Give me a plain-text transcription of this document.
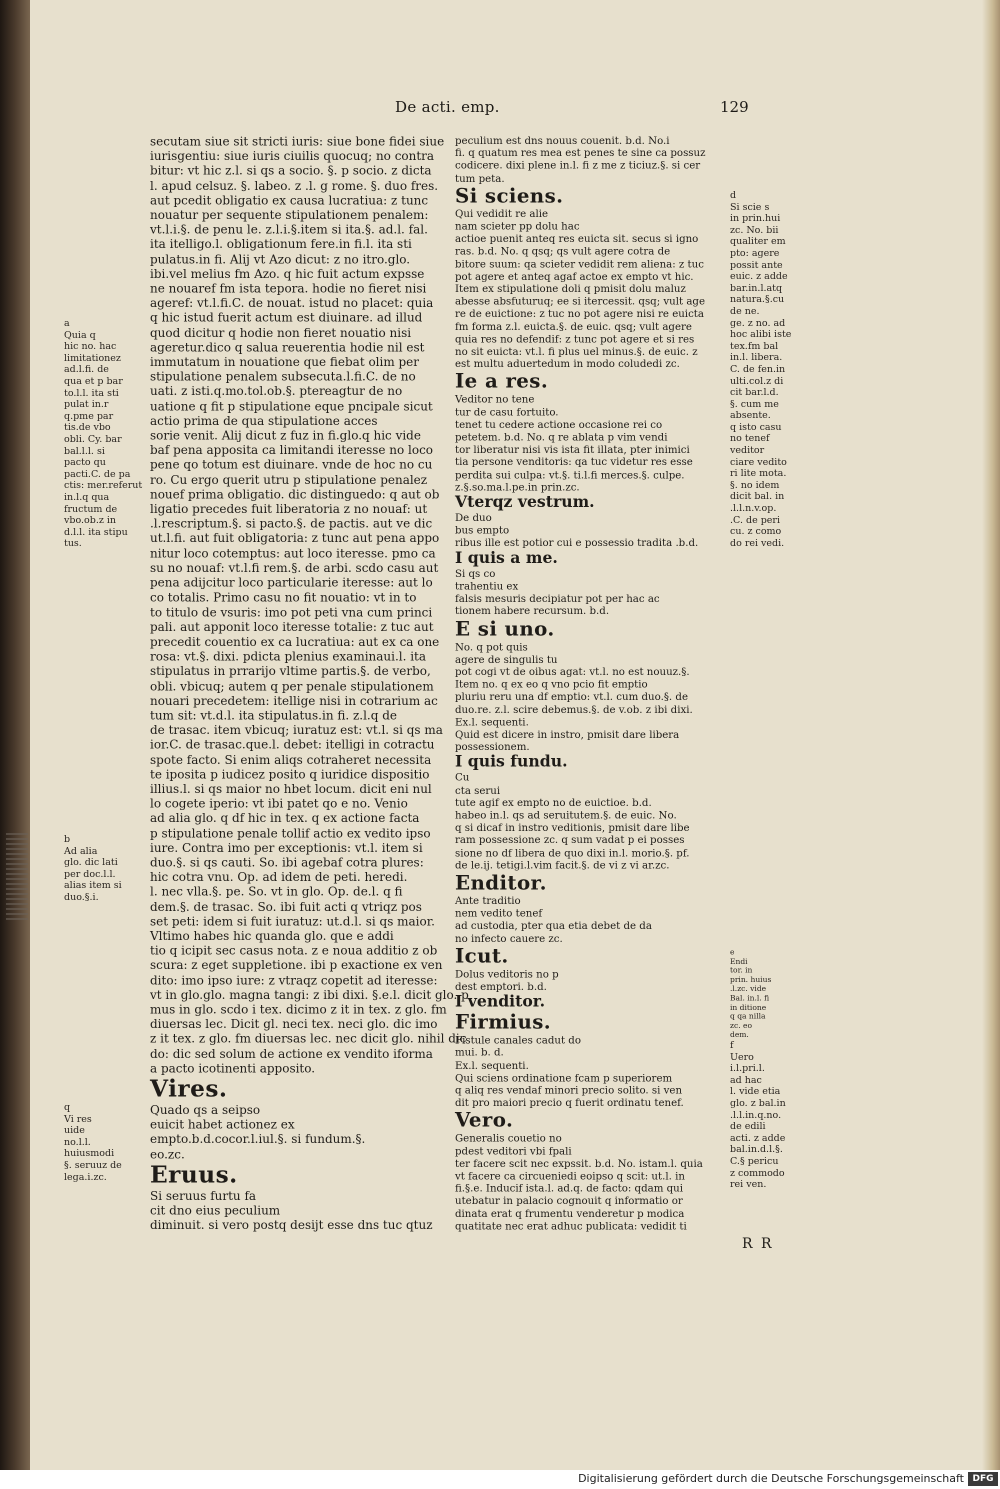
De acti. emp.	129

secutam siue sit stricti iuris: siue bone fidei siue

iurisgentiu: siue iuris ciuilis quocuq; no contra

bitur: vt hic z.l. si qs a socio. §. p socio. z dicta

l. apud celsuz. §. labeo. z .l. g rome. §. duo fres.

aut pcedit obligatio ex causa lucratiua: z tunc

nouatur per sequente stipulationem penalem:

vt.l.i.§. de penu le. z.l.i.§.item si ita.§. ad.l. fal.

ita itelligo.l. obligationum fere.in fi.l. ita sti

pulatus.in fi. Alij vt Azo dicut: z no itro.glo.

ibi.vel melius fm Azo. q hic fuit actum expsse

ne nouaref fm ista tepora. hodie no fieret nisi

ageref: vt.l.fi.C. de nouat. istud no placet: quia

q hic istud fuerit actum est diuinare. ad illud

quod dicitur q hodie non fieret nouatio nisi

ageretur.dico q salua reuerentia hodie nil est

immutatum in nouatione que fiebat olim per

stipulatione penalem subsecuta.l.fi.C. de no

uati. z isti.q.mo.tol.ob.§. ptereagtur de no

uatione q fit p stipulatione eque pncipale sicut

actio prima de qua stipulatione acces

sorie venit. Alij dicut z fuz in fi.glo.q hic vide

baf pena apposita ca limitandi iteresse no loco

pene qo totum est diuinare. vnde de hoc no cu

ro. Cu ergo querit utru p stipulatione penalez

nouef prima obligatio. dic distinguedo: q aut ob

ligatio precedes fuit liberatoria z no nouaf: ut

.l.rescriptum.§. si pacto.§. de pactis. aut ve dic

ut.l.fi. aut fuit obligatoria: z tunc aut pena appo

nitur loco cotemptus: aut loco iteresse. pmo ca

su no nouaf: vt.l.fi rem.§. de arbi. scdo casu aut

pena adijcitur loco particularie iteresse: aut lo

co totalis. Primo casu no fit nouatio: vt in to

to titulo de vsuris: imo pot peti vna cum princi

pali. aut apponit loco iteresse totalie: z tuc aut

precedit couentio ex ca lucratiua: aut ex ca one

rosa: vt.§. dixi. pdicta plenius examinaui.l. ita

stipulatus in prrarijo vltime partis.§. de verbo,

obli. vbicuq; autem q per penale stipulationem

nouari precedetem: itellige nisi in cotrarium ac

tum sit: vt.d.l. ita stipulatus.in fi. z.l.q de

de trasac. item vbicuq; iuratuz est: vt.l. si qs ma

ior.C. de trasac.que.l. debet: itelligi in cotractu

spote facto. Si enim aliqs cotraheret necessita

te iposita p iudicez posito q iuridice dispositio

illius.l. si qs maior no hbet locum. dicit eni nul

lo cogete iperio: vt ibi patet qo e no. Venio

ad alia glo. q df hic in tex. q ex actione facta

p stipulatione penale tollif actio ex vedito ipso

iure. Contra imo per exceptionis: vt.l. item si

duo.§. si qs cauti. So. ibi agebaf cotra plures:

hic cotra vnu. Op. ad idem de peti. heredi.

l. nec vlla.§. pe. So. vt in glo. Op. de.l. q fi

dem.§. de trasac. So. ibi fuit acti q vtriqz pos

set peti: idem si fuit iuratuz: ut.d.l. si qs maior.

Vltimo habes hic quanda glo. que e addi

tio q icipit sec casus nota. z e noua additio z ob

scura: z eget suppletione. ibi p exactione ex ven

dito: imo ipso iure: z vtraqz copetit ad iteresse:

vt in glo.glo. magna tangi: z ibi dixi. §.e.l. dicit glo. p

mus in glo. scdo i tex. dicimo z it in tex. z glo. fm

diuersas lec. Dicit gl. neci tex. neci glo. dic imo

z it tex. z glo. fm diuersas lec. nec dicit glo. nihil dic

do: dic sed solum de actione ex vendito iforma

a pacto icotinenti apposito.

Vires.

Quado qs a seipso

euicit habet actionez ex

empto.b.d.cocor.l.iul.§. si fundum.§.

eo.zc.

Eruus.

Si seruus furtu fa

cit dno eius peculium

diminuit. si vero postq desijt esse dns tuc qtuz

peculium est dns nouus couenit. b.d. No.i

fi. q quatum res mea est penes te sine ca possuz

codicere. dixi plene in.l. fi z me z ticiuz.§. si cer

tum peta.

Si sciens.

Qui vedidit re alie

nam scieter pp dolu hac

actioe puenit anteq res euicta sit. secus si igno

ras. b.d. No. q qsq; qs vult agere cotra de

bitore suum: qa scieter vedidit rem aliena: z tuc

pot agere et anteq agaf actoe ex empto vt hic.

Item ex stipulatione doli q pmisit dolu maluz

abesse absfuturuq; ee si itercessit. qsq; vult age

re de euictione: z tuc no pot agere nisi re euicta

fm forma z.l. euicta.§. de euic. qsq; vult agere

quia res no defendif: z tunc pot agere et si res

no sit euicta: vt.l. fi plus uel minus.§. de euic. z

est multu aduertedum in modo coludedi zc.

Ie a res.

Veditor no tene

tur de casu fortuito.

tenet tu cedere actione occasione rei co

petetem. b.d. No. q re ablata p vim vendi

tor liberatur nisi vis ista fit illata, pter inimici

tia persone venditoris: qa tuc videtur res esse

perdita sui culpa: vt.§. ti.l.fi merces.§. culpe.

z.§.so.ma.l.pe.in prin.zc.

Vterqz vestrum.

De duo

bus empto

ribus ille est potior cui e possessio tradita .b.d.

I quis a me.

Si qs co

trahentiu ex

falsis mesuris decipiatur pot per hac ac

tionem habere recursum. b.d.

E si uno.

No. q pot quis

agere de singulis tu

pot cogi vt de oibus agat: vt.l. no est nouuz.§.

Item no. q ex eo q vno pcio fit emptio

pluriu reru una df emptio: vt.l. cum duo.§. de

duo.re. z.l. scire debemus.§. de v.ob. z ibi dixi.

Ex.l. sequenti.

Quid est dicere in instro, pmisit dare libera

possessionem.

I quis fundu.

Cu

cta serui

tute agif ex empto no de euictioe. b.d.

habeo in.l. qs ad seruitutem.§. de euic. No.

q si dicaf in instro veditionis, pmisit dare libe

ram possessione zc. q sum vadat p ei posses

sione no df libera de quo dixi in.l. morio.§. pf.

de le.ij. tetigi.l.vim facit.§. de vi z vi ar.zc.

Enditor.

Ante traditio

nem vedito tenef

ad custodia, pter qua etia debet de da

no infecto cauere zc.

Icut.

Dolus veditoris no p

dest emptori. b.d.

I venditor.

Firmius.

Fistule canales cadut do

mui. b. d.

Ex.l. sequenti.

Qui sciens ordinatione fcam p superiorem

q aliq res vendaf minori precio solito. si ven

dit pro maiori precio q fuerit ordinatu tenef.

Vero.

Generalis couetio no

pdest veditori vbi fpali

ter facere scit nec expssit. b.d. No. istam.l. quia

vt facere ca circueniedi eoipso q scit: ut.l. in

fi.§.e. Inducif ista.l. ad.q. de facto: qdam qui

utebatur in palacio cognouit q informatio or

dinata erat q frumentu venderetur p modica

quatitate nec erat adhuc publicata: vedidit ti

a

Quia q

hic no. hac

limitationez

ad.l.fi. de

qua et p bar

to.l.l. ita sti

pulat in.r

q.pme par

tis.de vbo

obli. Cy. bar

bal.l.l. si

pacto qu

pacti.C. de pa

ctis: mer.referut

in.l.q qua

fructum de

vbo.ob.z in

d.l.l. ita stipu

tus.

b

Ad alia

glo. dic lati

per doc.l.l.

alias item si

duo.§.i.

q

Vi res

uide

no.l.l.

huiusmodi

§. seruuz de

lega.i.zc.

d

Si scie s

in prin.hui

zc. No. bii

qualiter em

pto: agere

possit ante

euic. z adde

bar.in.l.atq

natura.§.cu

de ne.

ge. z no. ad

hoc alibi iste

tex.fm bal

in.l. libera.

C. de fen.in

ulti.col.z di

cit bar.l.d.

§. cum me

absente.

q isto casu

no tenef

veditor

ciare vedito

ri lite mota.

§. no idem

dicit bal. in

.l.l.n.v.op.

.C. de peri

cu. z como

do rei vedi.

e

Endi

tor. in

prin. huius

.l.zc. vide

Bal. in.l. fi

in ditione

q qa nilla

zc. eo

dem.

f

Uero

i.l.pri.l.

ad hac

l. vide etia

glo. z bal.in

.l.l.in.q.no.

de edili

acti. z adde

bal.in.d.l.§.

C.§ pericu

z commodo

rei ven.

R R
Digitalisierung gefördert durch die Deutsche Forschungsgemeinschaft DFG
